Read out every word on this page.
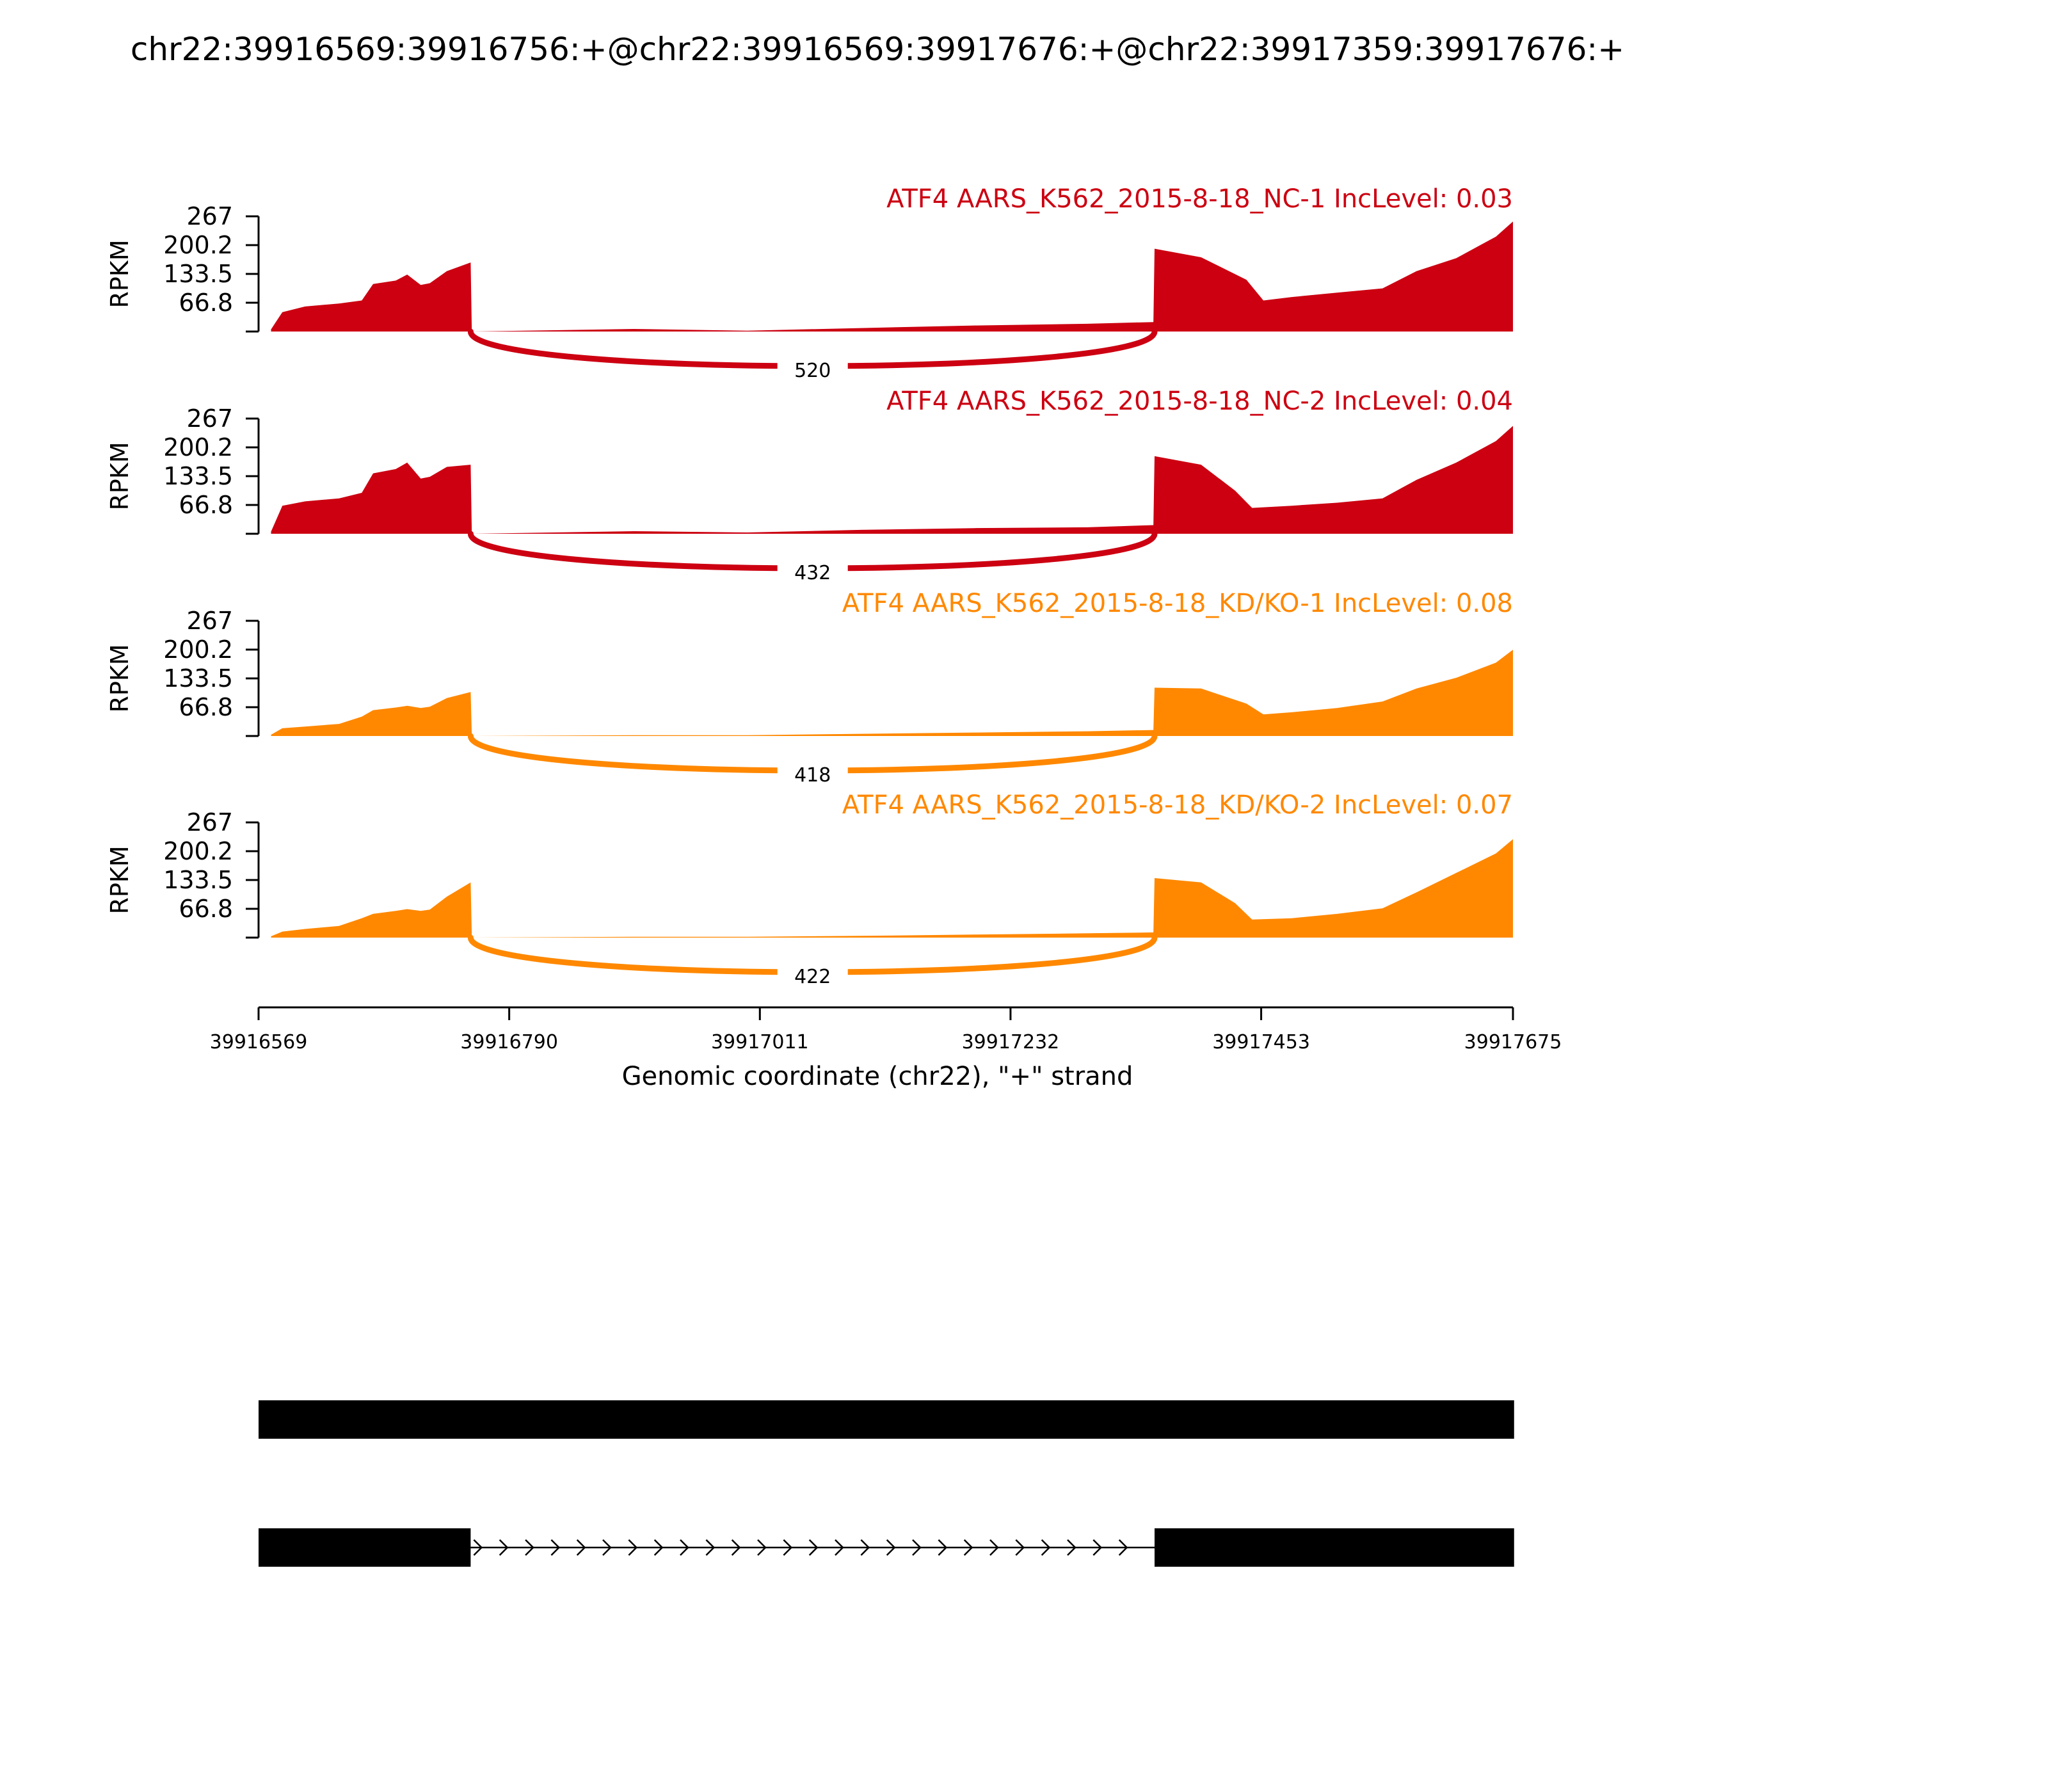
chr22:39916569:39916756:+@chr22:39916569:39917676:+@chr22:39917359:39917676:+
267
200.2
133.5
66.8
RPKM
ATF4 AARS_K562_2015-8-18_NC-1 IncLevel: 0.03
520
267
200.2
133.5
66.8
RPKM
ATF4 AARS_K562_2015-8-18_NC-2 IncLevel: 0.04
432
267
200.2
133.5
66.8
RPKM
ATF4 AARS_K562_2015-8-18_KD/KO-1 IncLevel: 0.08
418
267
200.2
133.5
66.8
RPKM
ATF4 AARS_K562_2015-8-18_KD/KO-2 IncLevel: 0.07
422
39916569	39916790	39917011	39917232	39917453	39917675
Genomic coordinate (chr22), "+" strand
